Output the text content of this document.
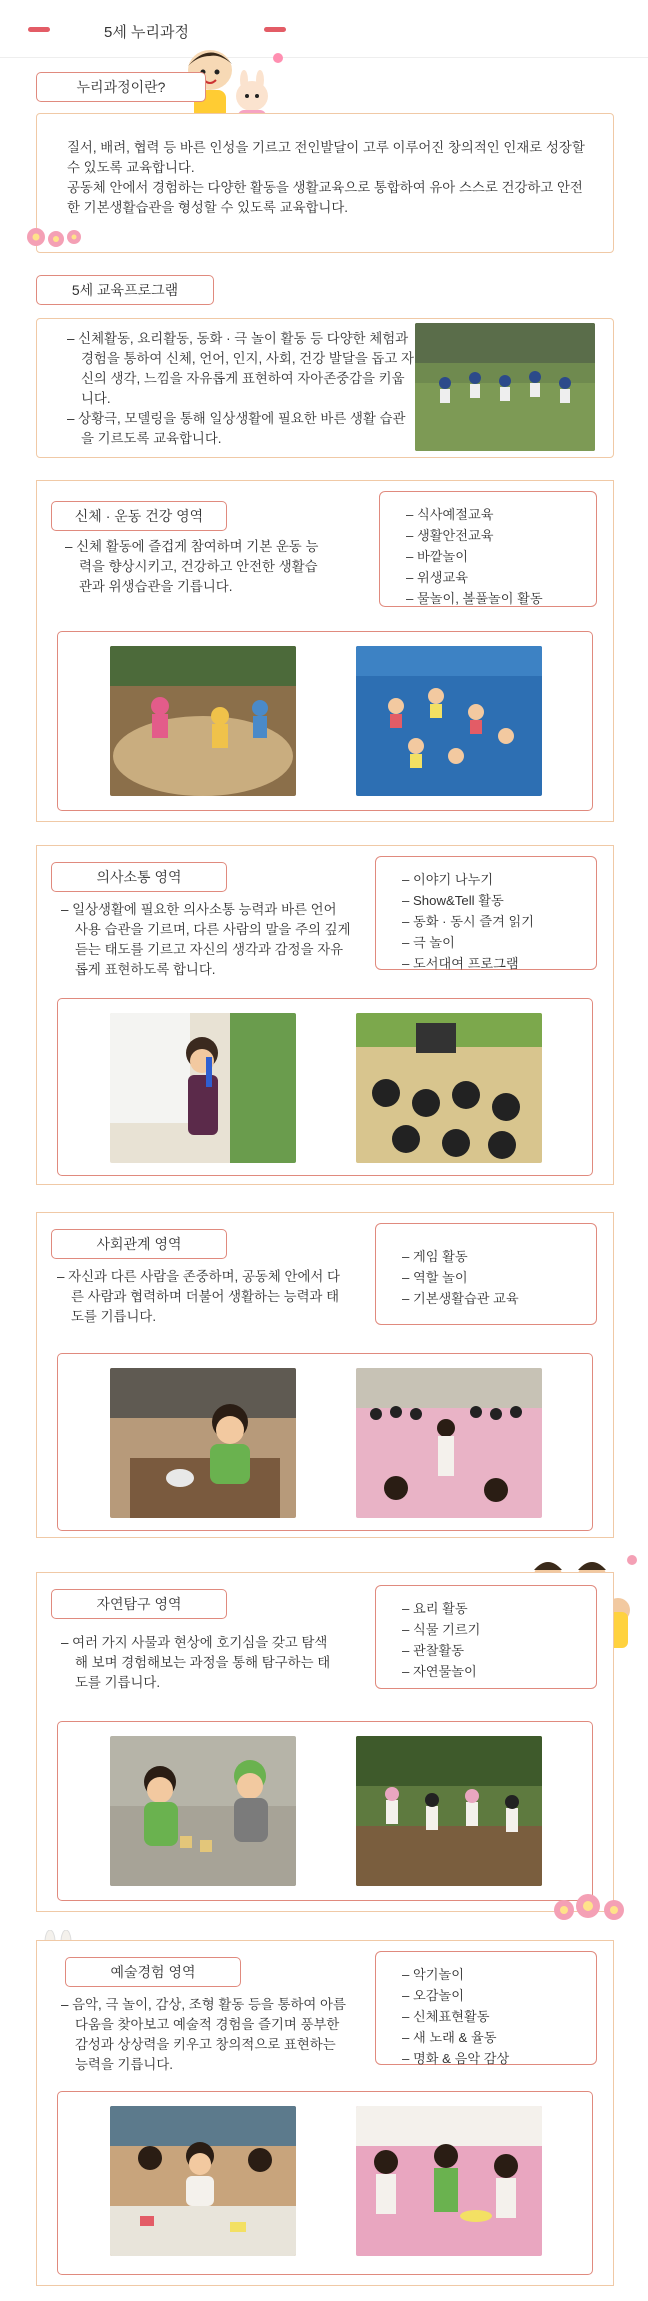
5세 누리과정
누리과정이란?

질서, 배려, 협력 등 바른 인성을 기르고 전인발달이 고루 이루어진 창의적인 인재로 성장할 수 있도록 교육합니다.

공동체 안에서 경험하는 다양한 활동을 생활교육으로 통합하여 유아 스스로 건강하고 안전한 기본생활습관을 형성할 수 있도록 교육합니다.

5세 교육프로그램

– 신체활동, 요리활동, 동화 · 극 놀이 활동 등 다양한 체험과 경험을 통하여 신체, 언어, 인지, 사회, 건강 발달을 돕고 자신의 생각, 느낌을 자유롭게 표현하여 자아존중감을 키웁니다.

– 상황극, 모델링을 통해 일상생활에 필요한 바른 생활 습관을 기르도록 교육합니다.

신체 · 운동 건강 영역

– 신체 활동에 즐겁게 참여하며 기본 운동 능력을 향상시키고, 건강하고 안전한 생활습관과 위생습관을 기릅니다.

– 식사예절교육
– 생활안전교육
– 바깥놀이
– 위생교육
– 물놀이, 볼풀놀이 활동
의사소통 영역

– 일상생활에 필요한 의사소통 능력과 바른 언어 사용 습관을 기르며, 다른 사람의 말을 주의 깊게 듣는 태도를 기르고 자신의 생각과 감정을 자유롭게 표현하도록 합니다.

– 이야기 나누기
– Show&Tell 활동
– 동화 · 동시 즐겨 읽기
– 극 놀이
– 도서대여 프로그램
사회관계 영역

– 자신과 다른 사람을 존중하며, 공동체 안에서 다른 사람과 협력하며 더불어 생활하는 능력과 태도를 기릅니다.

– 게임 활동
– 역할 놀이
– 기본생활습관 교육
자연탐구 영역

– 여러 가지 사물과 현상에 호기심을 갖고 탐색해 보며 경험해보는 과정을 통해 탐구하는 태도를 기릅니다.

– 요리 활동
– 식물 기르기
– 관찰활동
– 자연물놀이
예술경험 영역

– 음악, 극 놀이, 감상, 조형 활동 등을 통하여 아름다움을 찾아보고 예술적 경험을 즐기며 풍부한 감성과 상상력을 키우고 창의적으로 표현하는 능력을 기릅니다.

– 악기놀이
– 오감놀이
– 신체표현활동
– 새 노래 & 율동
– 명화 & 음악 감상
